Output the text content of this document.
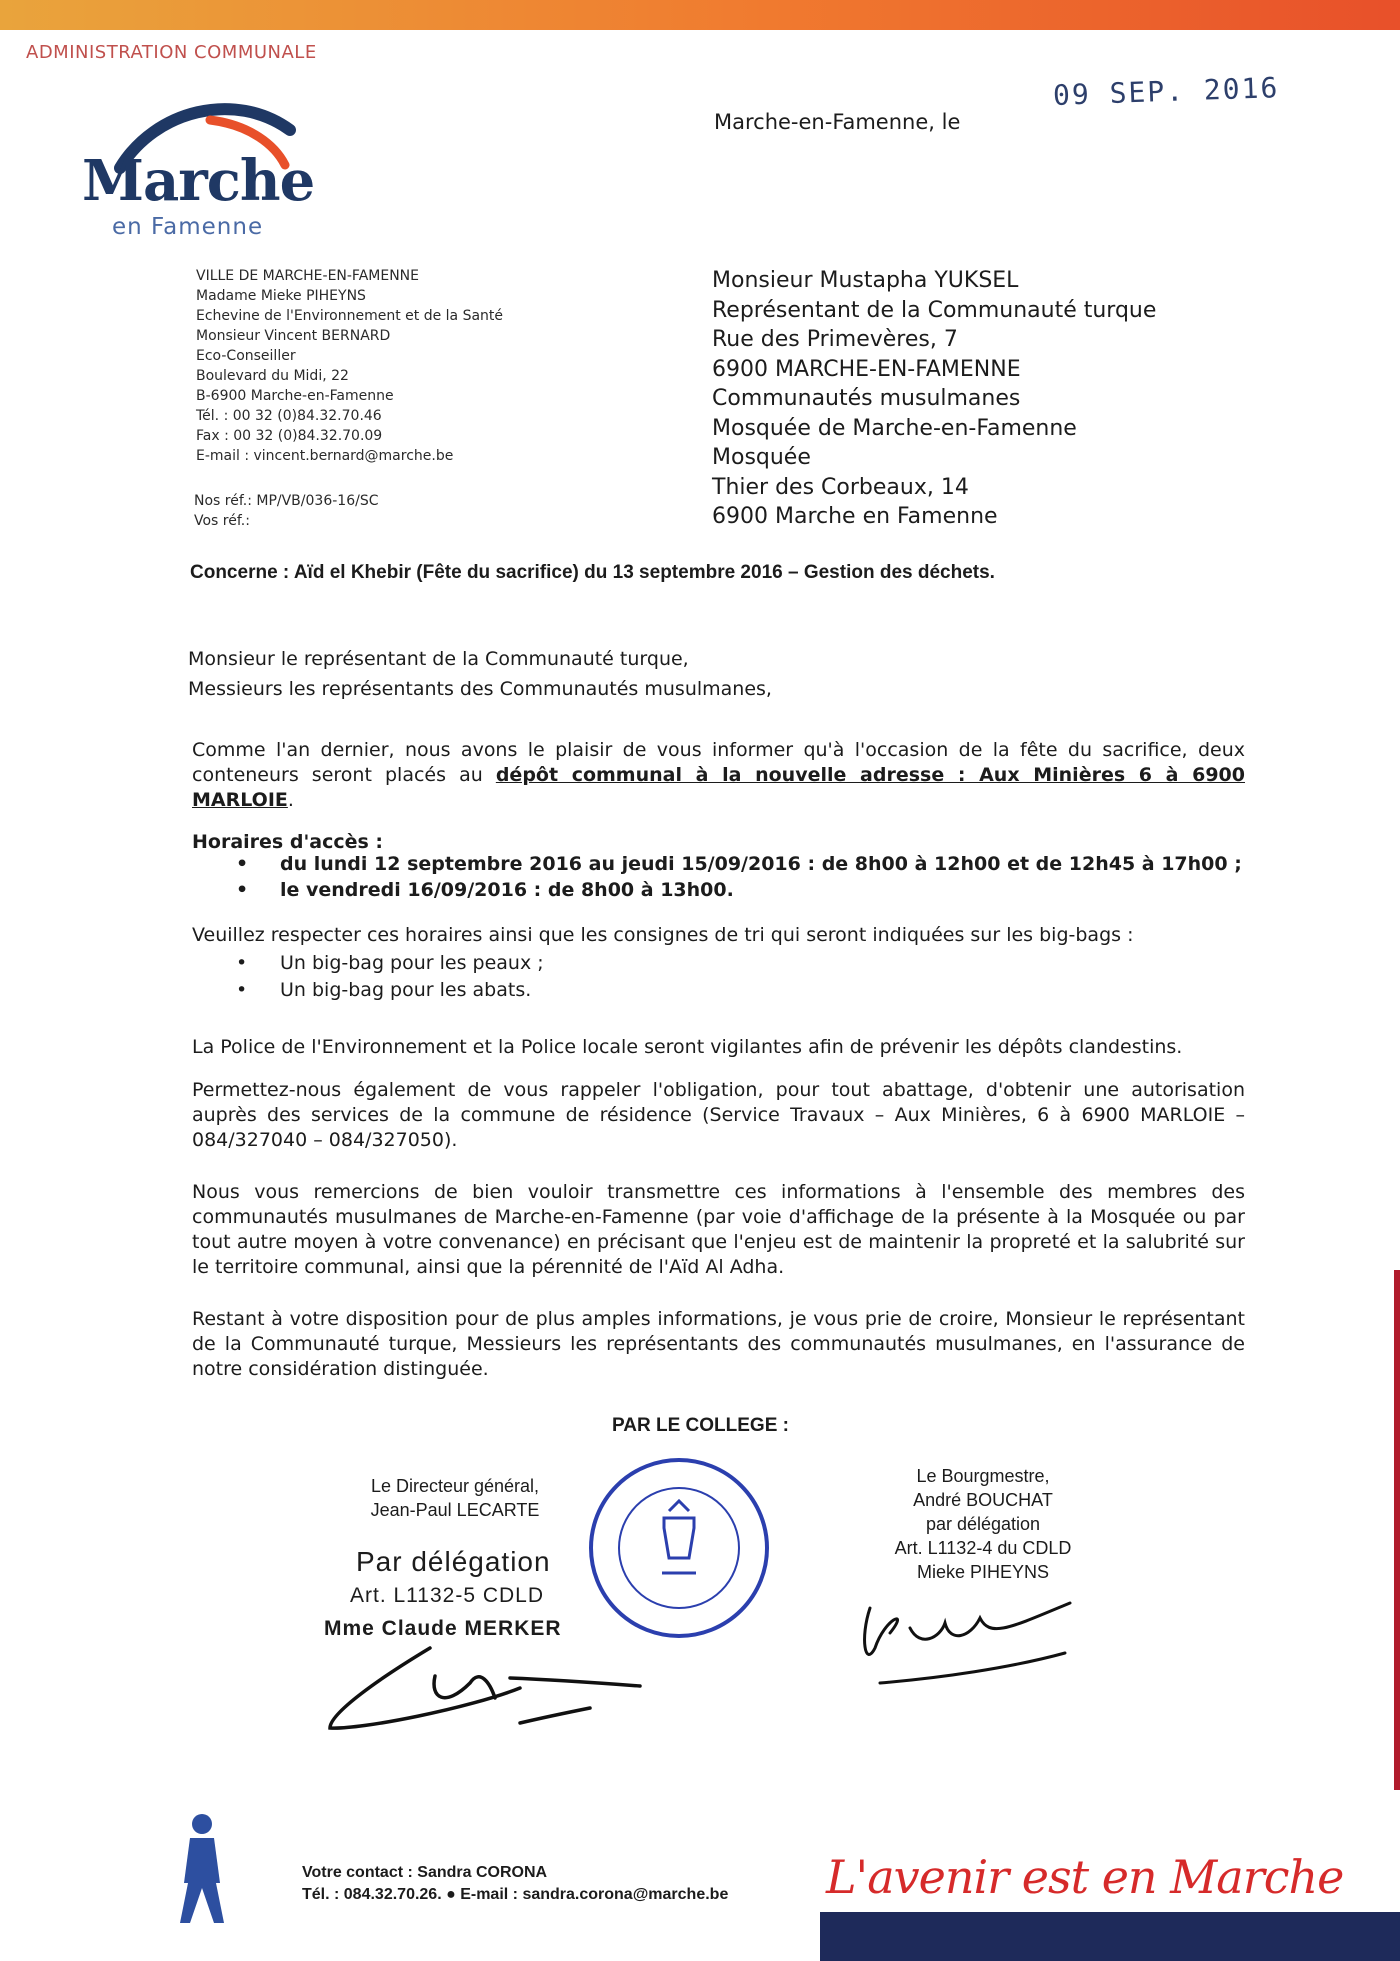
ADMINISTRATION COMMUNALE
Marche
en Famenne
Marche-en-Famenne, le
09 SEP. 2016
VILLE DE MARCHE-EN-FAMENNE
Madame Mieke PIHEYNS
Echevine de l'Environnement et de la Santé
Monsieur Vincent BERNARD
Eco-Conseiller
Boulevard du Midi, 22
B-6900 Marche-en-Famenne
Tél. : 00 32 (0)84.32.70.46
Fax : 00 32 (0)84.32.70.09
E-mail : vincent.bernard@marche.be
Nos réf.: MP/VB/036-16/SC
Vos réf.:
Monsieur Mustapha YUKSEL
Représentant de la Communauté turque
Rue des Primevères, 7
6900 MARCHE-EN-FAMENNE
Communautés musulmanes
Mosquée de Marche-en-Famenne
Mosquée
Thier des Corbeaux, 14
6900 Marche en Famenne
Concerne : Aïd el Khebir (Fête du sacrifice) du 13 septembre 2016 – Gestion des déchets.
Monsieur le représentant de la Communauté turque,
Messieurs les représentants des Communautés musulmanes,
Comme l'an dernier, nous avons le plaisir de vous informer qu'à l'occasion de la fête du sacrifice, deux conteneurs seront placés au dépôt communal à la nouvelle adresse : Aux Minières 6 à 6900 MARLOIE.
Horaires d'accès :
• du lundi 12 septembre 2016 au jeudi 15/09/2016 : de 8h00 à 12h00 et de 12h45 à 17h00 ;
• le vendredi 16/09/2016 : de 8h00 à 13h00.
Veuillez respecter ces horaires ainsi que les consignes de tri qui seront indiquées sur les big-bags :
• Un big-bag pour les peaux ;
• Un big-bag pour les abats.
La Police de l'Environnement et la Police locale seront vigilantes afin de prévenir les dépôts clandestins.
Permettez-nous également de vous rappeler l'obligation, pour tout abattage, d'obtenir une autorisation auprès des services de la commune de résidence (Service Travaux – Aux Minières, 6 à 6900 MARLOIE – 084/327040 – 084/327050).
Nous vous remercions de bien vouloir transmettre ces informations à l'ensemble des membres des communautés musulmanes de Marche-en-Famenne (par voie d'affichage de la présente à la Mosquée ou par tout autre moyen à votre convenance) en précisant que l'enjeu est de maintenir la propreté et la salubrité sur le territoire communal, ainsi que la pérennité de l'Aïd Al Adha.
Restant à votre disposition pour de plus amples informations, je vous prie de croire, Monsieur le représentant de la Communauté turque, Messieurs les représentants des communautés musulmanes, en l'assurance de notre considération distinguée.
PAR LE COLLEGE :
Le Directeur général,
Jean-Paul LECARTE
Par délégation
Art. L1132-5 CDLD
Mme Claude MERKER
Le Bourgmestre,
André BOUCHAT
par délégation
Art. L1132-4 du CDLD
Mieke PIHEYNS
Votre contact : Sandra CORONA
Tél. : 084.32.70.26. ● E-mail : sandra.corona@marche.be L'avenir est en Marche
